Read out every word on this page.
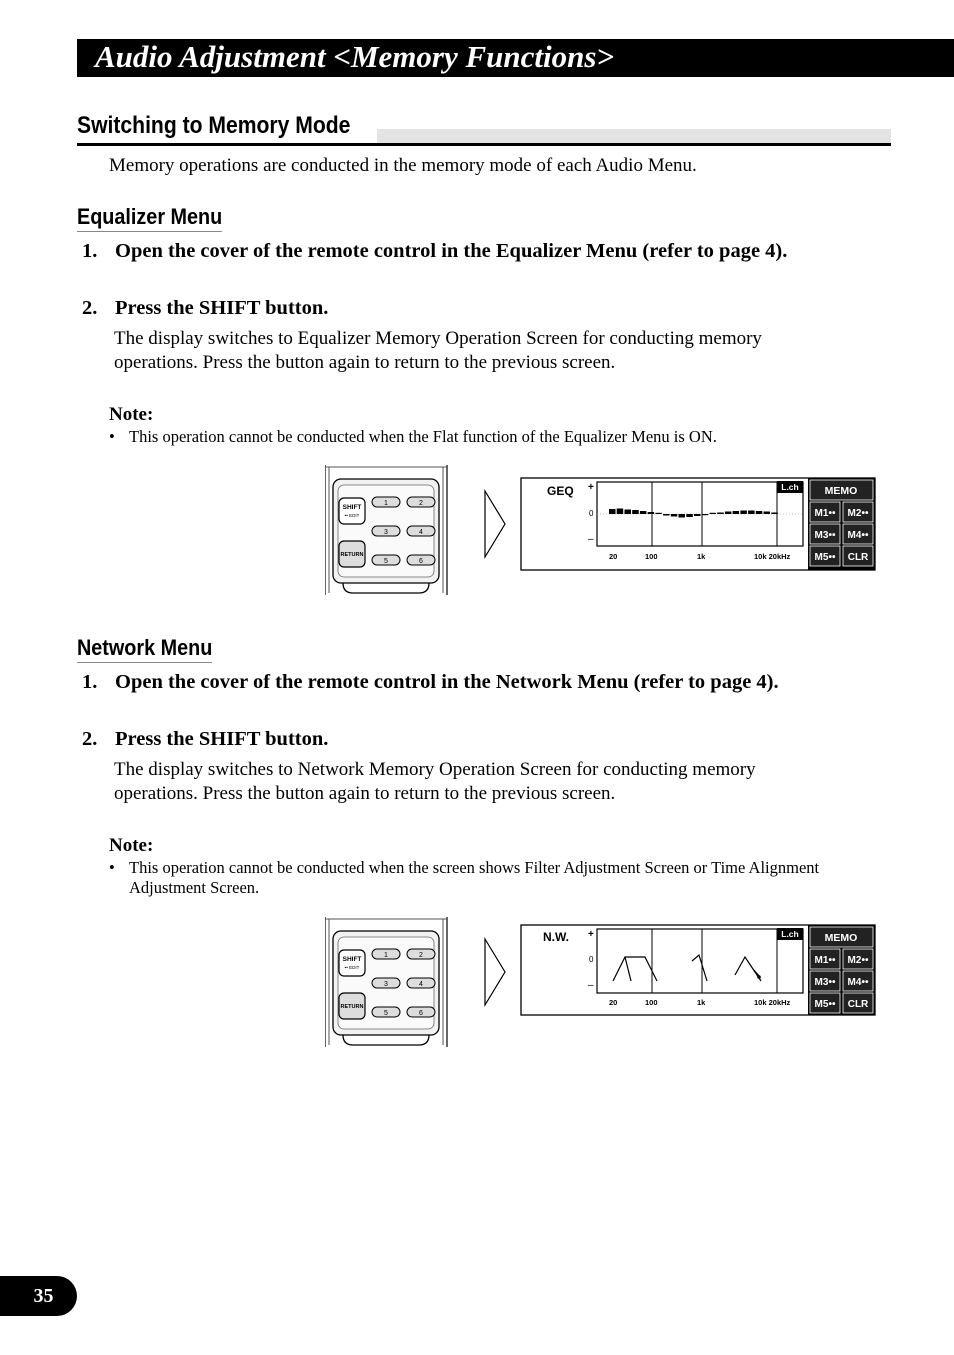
Audio Adjustment <Memory Functions>
Switching to Memory Mode
Memory operations are conducted in the memory mode of each Audio Menu.
Equalizer Menu
1. Open the cover of the remote control in the Equalizer Menu (refer to page 4).
2. Press the SHIFT button.
The display switches to Equalizer Memory Operation Screen for conducting memory operations. Press the button again to return to the previous screen.
Note:
• This operation cannot be conducted when the Flat function of the Equalizer Menu is ON.
SHIFT
•• EDIT
RETURN
1	2
3	4
5	6
GEQ +
0
–
20	100	1k	10k 20kHz
L.ch MEMO
M1•• M2••
M3•• M4••
M5•• CLR
Network Menu
1. Open the cover of the remote control in the Network Menu (refer to page 4).
2. Press the SHIFT button.
The display switches to Network Memory Operation Screen for conducting memory operations. Press the button again to return to the previous screen.
Note:
• This operation cannot be conducted when the screen shows Filter Adjustment Screen or Time Alignment Adjustment Screen.
SHIFT
•• EDIT
RETURN
1	2
3	4
5	6
N.W. +
0
–
20	100	1k	10k 20kHz
L.ch MEMO
M1•• M2••
M3•• M4••
M5•• CLR
35
